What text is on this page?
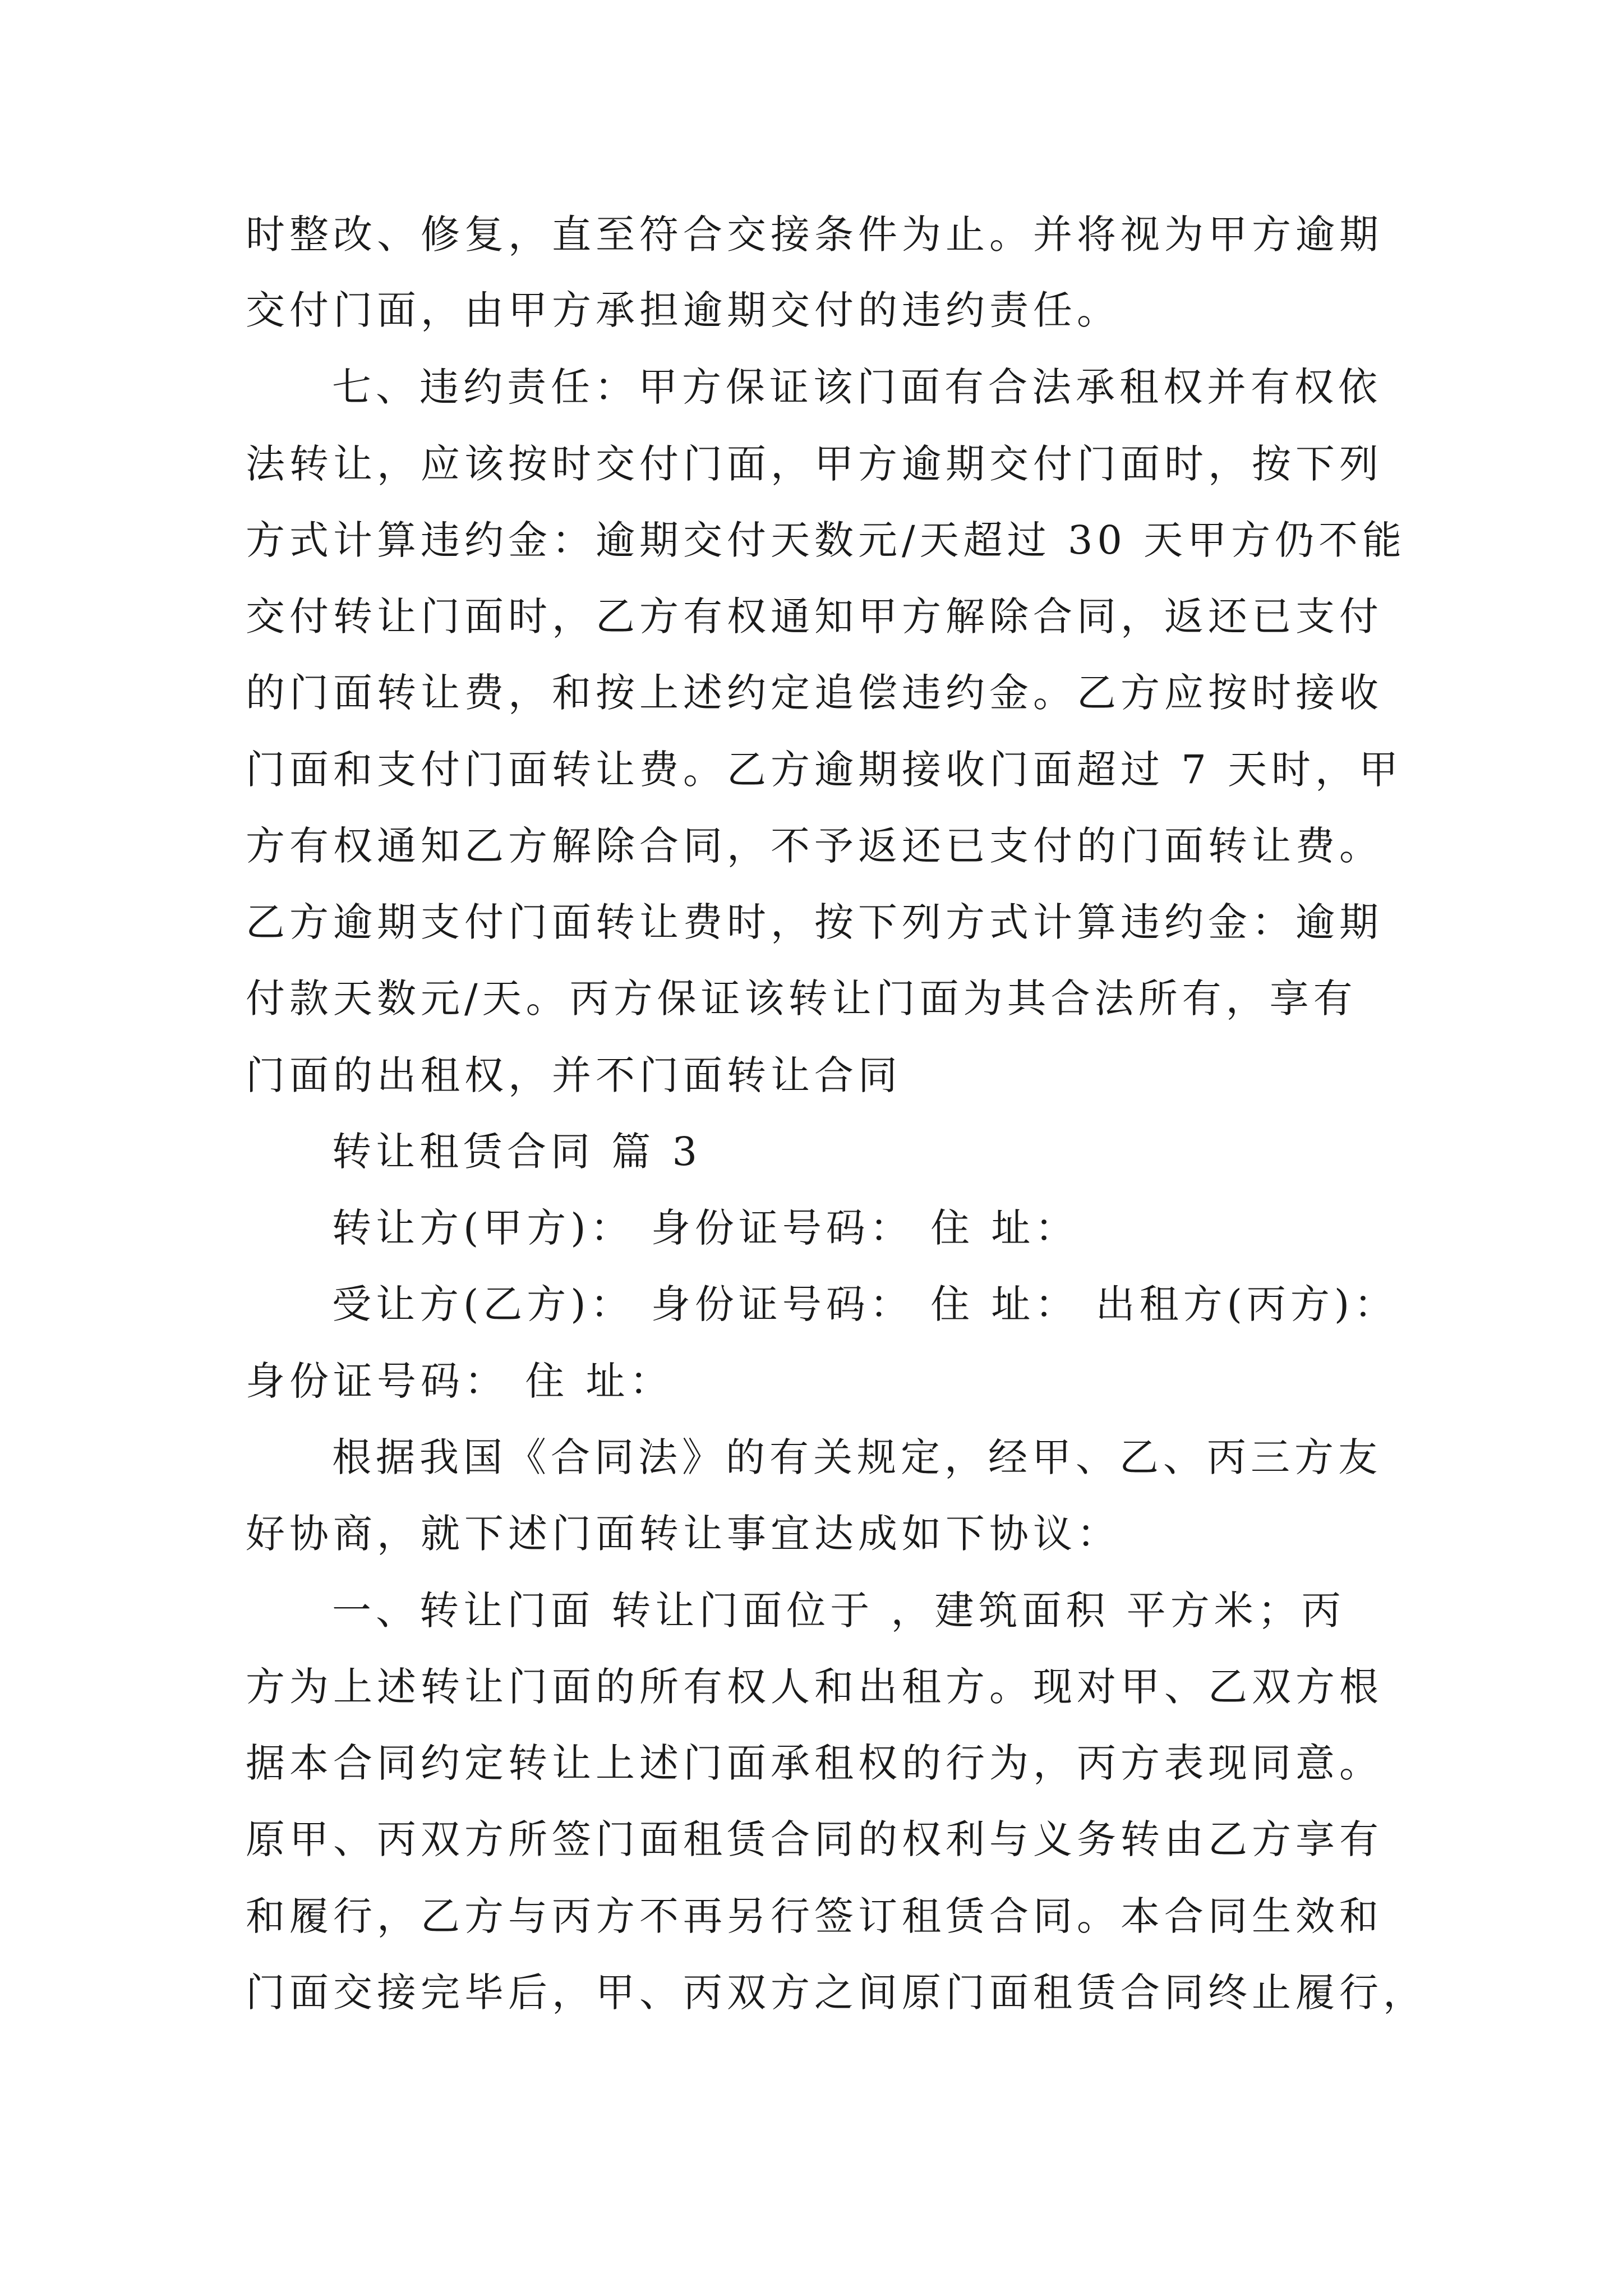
时整改、修复，直至符合交接条件为止。并将视为甲方逾期
交付门面，由甲方承担逾期交付的违约责任。
七、违约责任：甲方保证该门面有合法承租权并有权依
法转让，应该按时交付门面，甲方逾期交付门面时，按下列
方式计算违约金：逾期交付天数元/天超过 30 天甲方仍不能
交付转让门面时，乙方有权通知甲方解除合同，返还已支付
的门面转让费，和按上述约定追偿违约金。乙方应按时接收
门面和支付门面转让费。乙方逾期接收门面超过 7 天时，甲
方有权通知乙方解除合同，不予返还已支付的门面转让费。
乙方逾期支付门面转让费时，按下列方式计算违约金：逾期
付款天数元/天。丙方保证该转让门面为其合法所有，享有
门面的出租权，并不门面转让合同
转让租赁合同 篇 3
转让方(甲方)： 身份证号码： 住 址：
受让方(乙方)： 身份证号码： 住 址： 出租方(丙方)：
身份证号码： 住 址：
根据我国《合同法》的有关规定，经甲、乙、丙三方友
好协商，就下述门面转让事宜达成如下协议：
一、转让门面 转让门面位于 ，建筑面积 平方米；丙
方为上述转让门面的所有权人和出租方。现对甲、乙双方根
据本合同约定转让上述门面承租权的行为，丙方表现同意。
原甲、丙双方所签门面租赁合同的权利与义务转由乙方享有
和履行，乙方与丙方不再另行签订租赁合同。本合同生效和
门面交接完毕后，甲、丙双方之间原门面租赁合同终止履行，
